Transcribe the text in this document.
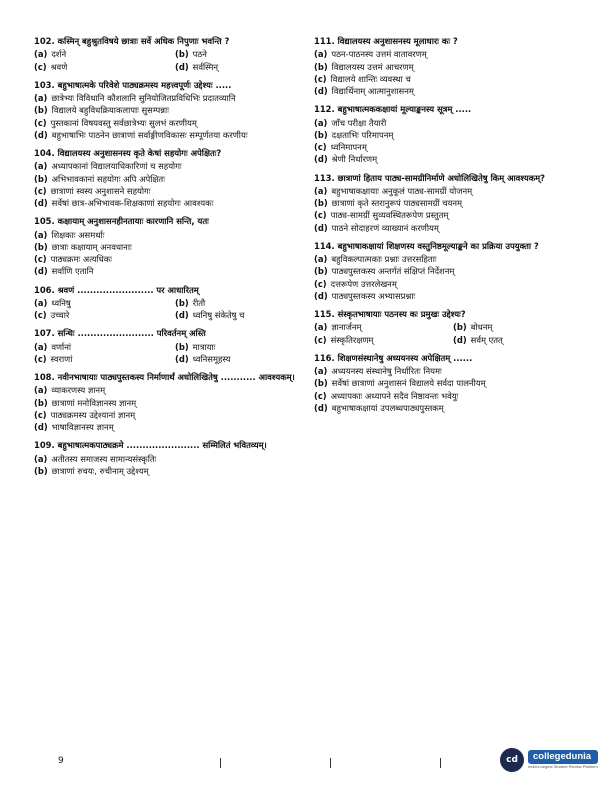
102. कस्मिन् बहुश्रुतविषये छात्राः सर्वे अधिक निपुणाः भवन्ति ?
(a) दर्शने	(b) पठने
(c) श्रवणे	(d) सर्वस्मिन्
103. बहुभाषात्मके परिवेशे पाठ्यक्रमस्य महत्त्वपूर्णः उद्देश्यः .....
(a) छात्रेभ्यः विविधानि कौशलानि सुनियोजितप्रविधिभिः प्रदातव्यानि
(b) विद्यालये बहुविधक्रियाकलापाः सुसम्पन्नाः
(c) पुस्तकानां विषयवस्तु सर्वछात्रेभ्यः सुलभं करणीयम्
(d) बहुभाषाभिः पाठनेन छात्राणां सर्वाङ्गीणविकासः सम्पूर्णतया करणीयः
104. विद्यालयस्य अनुशासनस्य कृते केषां सहयोगः अपेक्षितः?
(a) अध्यापकानां विद्यालयाधिकारिणां च सहयोगः
(b) अभिभावकानां सहयोगः अपि अपेक्षितः
(c) छात्राणां स्वस्य अनुशासने सहयोगः
(d) सर्वेषां छात्र-अभिभावक-शिक्षकाणां सहयोगः आवश्यकः
105. कक्षायाम् अनुशासनहीनतायाः कारणानि सन्ति, यतः
(a) शिक्षकाः असमर्थाः
(b) छात्राः कक्षायाम् अनवधानाः
(c) पाठ्यक्रमः अत्यधिकः
(d) सर्वाणि एतानि
106. श्रवणं ........................ पर आधारितम्
(a) ध्वनिषु	(b) रीतौ
(c) उच्चारे	(d) ध्वनिषु संकेतेषु च
107. सन्धिः ........................ परिवर्तनम् अस्ति
(a) वर्णानां	(b) मात्रायाः
(c) स्वराणां	(d) ध्वनिसमूहस्य
108. नवीनभाषायाः पाठ्यपुस्तकस्य निर्माणार्थं अधोलिखितेषु ........... आवश्यकम्।
(a) व्याकरणस्य ज्ञानम्
(b) छात्राणां मनोविज्ञानस्य ज्ञानम्
(c) पाठ्यक्रमस्य उद्देश्यानां ज्ञानम्
(d) भाषाविज्ञानस्य ज्ञानम्
109. बहुभाषात्मकपाठ्यक्रमे ....................... सम्मिलितं भवितव्यम्।
(a) अतीतस्य समाजस्य सामान्यसंस्कृतिः
(b) छात्राणां रुचयः, रुचीनाम् उद्देश्यम्
111. विद्यालयस्य अनुशासनस्य मूलाधारः कः ?
(a) पठन-पाठनस्य उत्तमं वातावरणम्
(b) विद्यालयस्य उत्तमं आचरणम्
(c) विद्यालये शान्तिः व्यवस्था च
(d) विद्यार्थिनाम् आत्मानुशासनम्
112. बहुभाषात्मककक्षायां मूल्याङ्कनस्य सूत्रम् .....
(a) जाँच परीक्षा तैयारी
(b) दक्षताभिः परिमापनम्
(c) ध्वनिमापनम्
(d) श्रेणी निर्धारणम्
113. छात्राणां हिताय पाठ्य-सामग्रीनिर्माणे अधोलिखितेषु किम् आवश्यकम्?
(a) बहुभाषाकक्षायाः अनुकूलं पाठ्य-सामग्रीं योजनम्
(b) छात्राणां कृते स्तरानुरूपं पाठ्यसामग्रीं चयनम्
(c) पाठ्य-सामग्रीं सुव्यवस्थितरूपेण प्रस्तुतम्
(d) पाठने सोदाहरणं व्याख्यानं करणीयम्
114. बहुभाषाकक्षायां शिक्षणस्य वस्तुनिष्ठमूल्याङ्कने का प्रक्रिया उपयुक्ता ?
(a) बहुविकल्पात्मकाः प्रश्नाः उत्तरसहिताः
(b) पाठ्यपुस्तकस्य अन्तर्गतं संक्षिप्तं निर्देशनम्
(c) दत्तरूपेण उत्तरलेखनम्
(d) पाठ्यपुस्तकस्य अभ्यासप्रश्नाः
115. संस्कृतभाषायाः पठनस्य कः प्रमुखः उद्देश्यः?
(a) ज्ञानार्जनम्	(b) बोधनम्
(c) संस्कृतिरक्षणम्	(d) सर्वम् एतत्
116. शिक्षणसंस्थानेषु अध्ययनस्य अपेक्षितम् ......
(a) अध्ययनस्य संस्थानेषु निर्धारितः नियमः
(b) सर्वेषां छात्राणां अनुशासनं विद्यालये सर्वदा पालनीयम्
(c) अध्यापकाः अध्यापने सदैव निष्ठावन्तः भवेयुः
(d) बहुभाषाकक्षायां उपलब्धपाठ्यपुस्तकम्
9	cd	collegedunia
India's largest Student Review Platform
